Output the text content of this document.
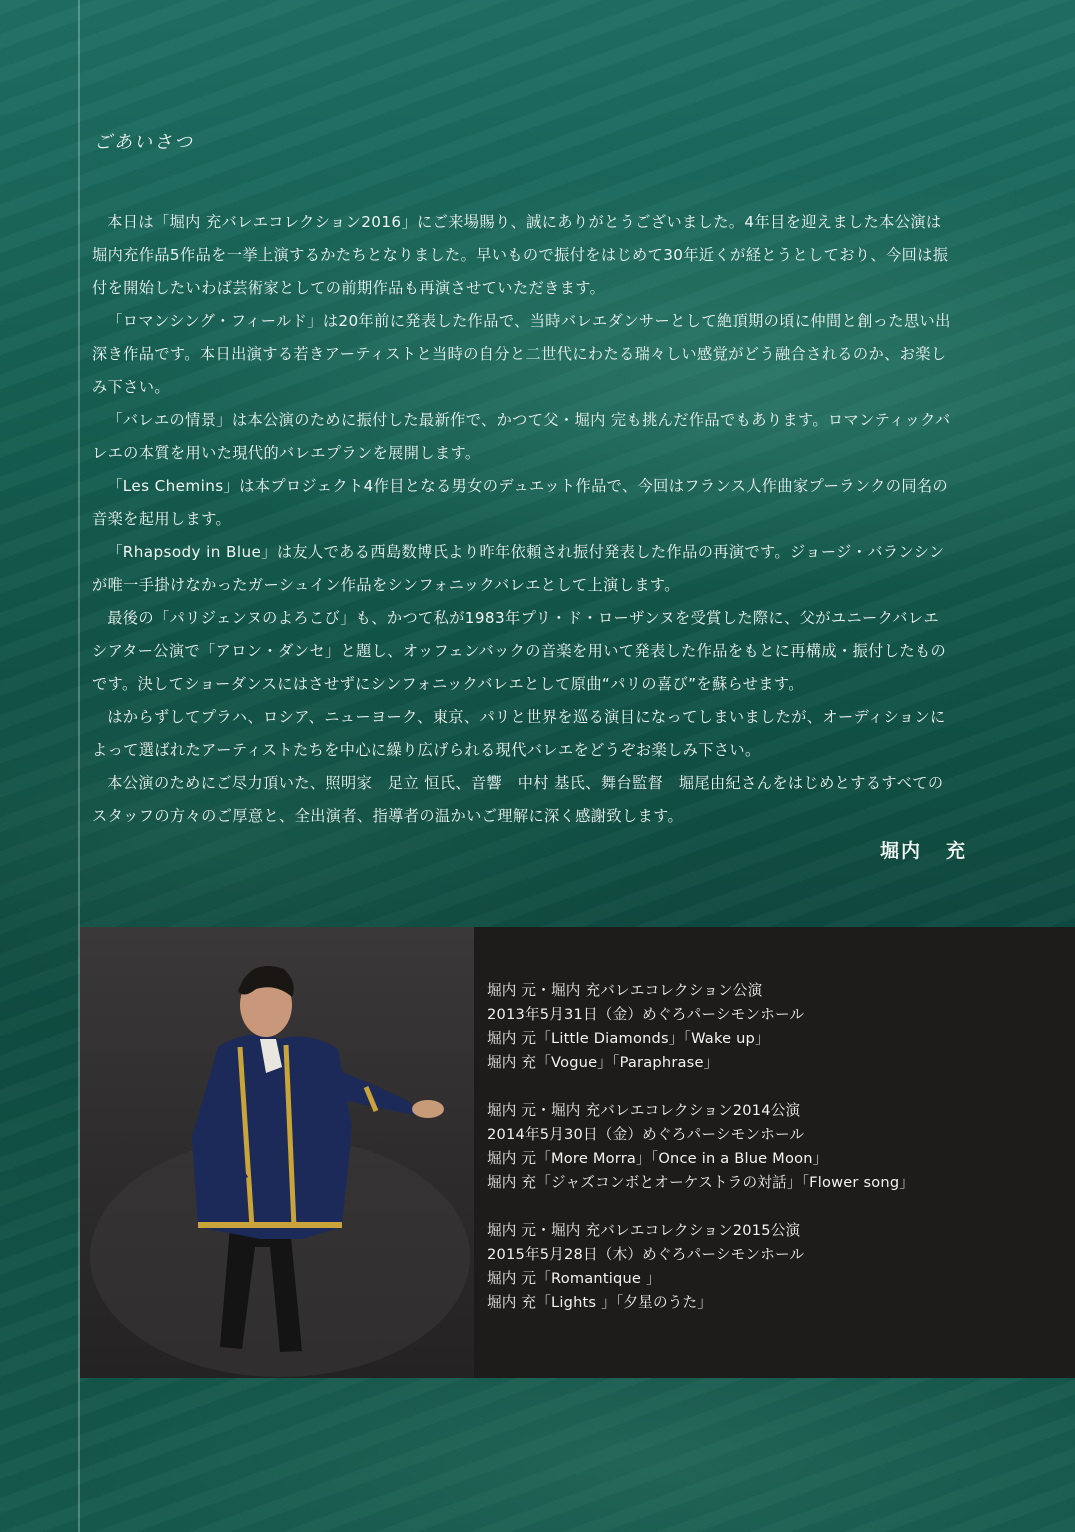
ごあいさつ

本日は「堀内 充バレエコレクション2016」にご来場賜り、誠にありがとうございました。4年目を迎えました本公演は堀内充作品5作品を一挙上演するかたちとなりました。早いもので振付をはじめて30年近くが経とうとしており、今回は振付を開始したいわば芸術家としての前期作品も再演させていただきます。

「ロマンシング・フィールド」は20年前に発表した作品で、当時バレエダンサーとして絶頂期の頃に仲間と創った思い出深き作品です。本日出演する若きアーティストと当時の自分と二世代にわたる瑞々しい感覚がどう融合されるのか、お楽しみ下さい。

「バレエの情景」は本公演のために振付した最新作で、かつて父・堀内 完も挑んだ作品でもあります。ロマンティックバレエの本質を用いた現代的バレエプランを展開します。

「Les Chemins」は本プロジェクト4作目となる男女のデュエット作品で、今回はフランス人作曲家プーランクの同名の音楽を起用します。

「Rhapsody in Blue」は友人である西島数博氏より昨年依頼され振付発表した作品の再演です。ジョージ・バランシンが唯一手掛けなかったガーシュイン作品をシンフォニックバレエとして上演します。

最後の「パリジェンヌのよろこび」も、かつて私が1983年プリ・ド・ローザンヌを受賞した際に、父がユニークバレエシアター公演で「アロン・ダンセ」と題し、オッフェンバックの音楽を用いて発表した作品をもとに再構成・振付したものです。決してショーダンスにはさせずにシンフォニックバレエとして原曲“パリの喜び”を蘇らせます。

はからずしてプラハ、ロシア、ニューヨーク、東京、パリと世界を巡る演目になってしまいましたが、オーディションによって選ばれたアーティストたちを中心に繰り広げられる現代バレエをどうぞお楽しみ下さい。

本公演のためにご尽力頂いた、照明家　足立 恒氏、音響　中村 基氏、舞台監督　堀尾由紀さんをはじめとするすべてのスタッフの方々のご厚意と、全出演者、指導者の温かいご理解に深く感謝致します。

堀内 充
堀内 元・堀内 充バレエコレクション公演
2013年5月31日（金）めぐろパーシモンホール
堀内 元「Little Diamonds」「Wake up」
堀内 充「Vogue」「Paraphrase」
堀内 元・堀内 充バレエコレクション2014公演
2014年5月30日（金）めぐろパーシモンホール
堀内 元「More Morra」「Once in a Blue Moon」
堀内 充「ジャズコンボとオーケストラの対話」「Flower song」
堀内 元・堀内 充バレエコレクション2015公演
2015年5月28日（木）めぐろパーシモンホール
堀内 元「Romantique 」
堀内 充「Lights 」「夕星のうた」
